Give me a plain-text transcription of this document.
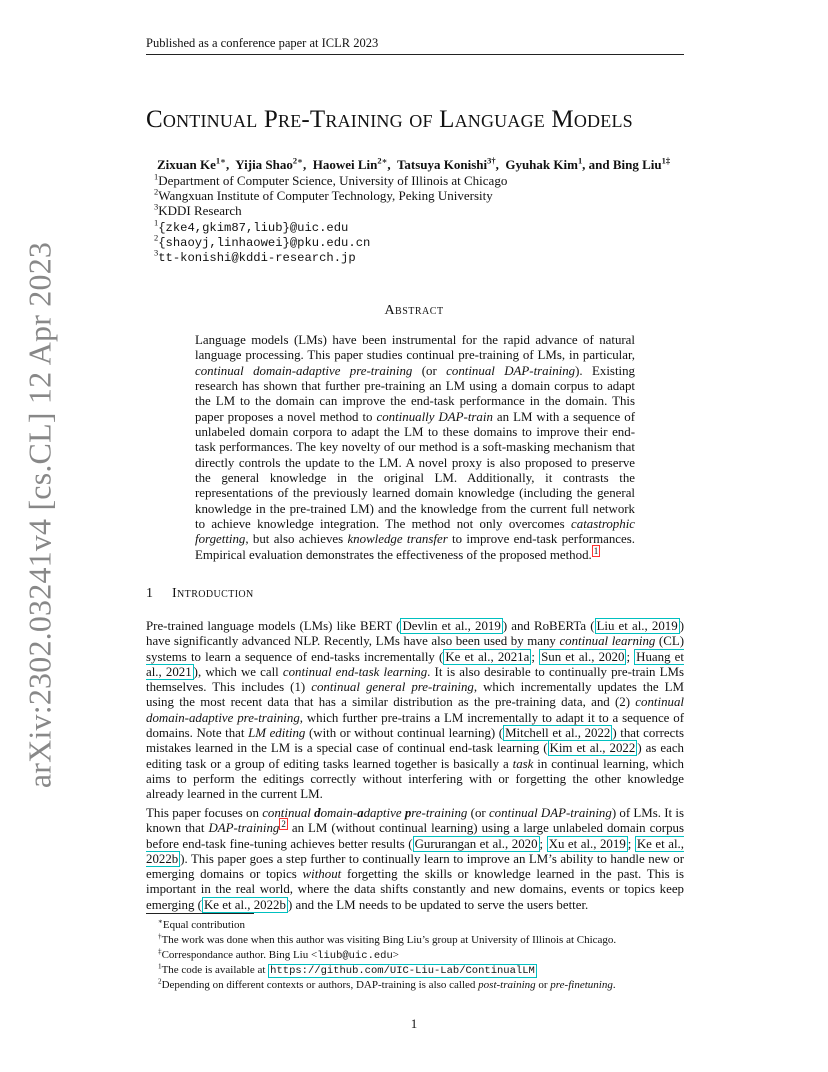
Published as a conference paper at ICLR 2023
arXiv:2302.03241v4 [cs.CL] 12 Apr 2023
Continual Pre-Training of Language Models
Zixuan $Ke^{1∗}$,  Yijia Shao$^{2∗}$,  Haowei Lin$^{2∗}$,  Tatsuya Konishi$^{3\dagger}$,  Gyuhak Kim$^1$, and Bing Liu$^{1\ddagger}$
$^1$Department of Computer Science, University of Illinois at Chicago
$^2$Wangxuan Institute of Computer Technology, Peking University
$^3$KDDI Research
$^1${zke4,gkim87,liub}@uic.edu
$^2${shaoyj,linhaowei}@pku.edu.cn
$^3$tt-konishi@kddi-research.jp
Abstract
Language models (LMs) have been instrumental for the rapid advance of natural language processing. This paper studies continual pre-training of LMs, in particular, continual domain-adaptive pre-training (or continual DAP-training). Existing research has shown that further pre-training an LM using a domain corpus to adapt the LM to the domain can improve the end-task performance in the domain. This paper proposes a novel method to continually DAP-train an LM with a sequence of unlabeled domain corpora to adapt the LM to these domains to improve their end-task performances. The key novelty of our method is a soft-masking mechanism that directly controls the update to the LM. A novel proxy is also proposed to preserve the general knowledge in the original LM. Additionally, it contrasts the representations of the previously learned domain knowledge (including the general knowledge in the pre-trained LM) and the knowledge from the current full network to achieve knowledge integration. The method not only overcomes catastrophic forgetting, but also achieves knowledge transfer to improve end-task performances. Empirical evaluation demonstrates the effectiveness of the proposed method. $^1$
1 Introduction
Pre-trained language models (LMs) like BERT ( Devlin et al., 2019 ) and RoBERTa ( Liu et al., 2019 ) have significantly advanced NLP. Recently, LMs have also been used by many continual learning (CL) systems to learn a sequence of end-tasks incrementally ( Ke et al., 2021a ; Sun et al., 2020 ; Huang et al., 2021 ), which we call continual end-task learning. It is also desirable to continually pre-train LMs themselves. This includes (1) continual general pre-training, which incrementally updates the LM using the most recent data that has a similar distribution as the pre-training data, and (2) continual domain-adaptive pre-training, which further pre-trains a LM incrementally to adapt it to a sequence of domains. Note that LM editing (with or without continual learning) ( Mitchell et al., 2022 ) that corrects mistakes learned in the LM is a special case of continual end-task learning ( Kim et al., 2022 ) as each editing task or a group of editing tasks learned together is basically a task in continual learning, which aims to perform the editings correctly without interfering with or forgetting the other knowledge already learned in the current LM.
This paper focuses on continual domain-adaptive pre-training (or continual DAP-training) of LMs. It is known that DAP-training $^2$ an LM (without continual learning) using a large unlabeled domain corpus before end-task fine-tuning achieves better results ( Gururangan et al., 2020 ; Xu et al., 2019 ; Ke et al., 2022b ). This paper goes a step further to continually learn to improve an LM’s ability to handle new or emerging domains or topics without forgetting the skills or knowledge learned in the past. This is important in the real world, where the data shifts constantly and new domains, events or topics keep emerging ( Ke et al., 2022b ) and the LM needs to be updated to serve the users better.
∗Equal contribution
†The work was done when this author was visiting Bing Liu’s group at University of Illinois at Chicago.
‡Correspondance author. Bing Liu <liub@uic.edu>
$^1$The code is available at https://github.com/UIC-Liu-Lab/ContinualLM
$^2$Depending on different contexts or authors, DAP-training is also called post-training or pre-finetuning.
1
